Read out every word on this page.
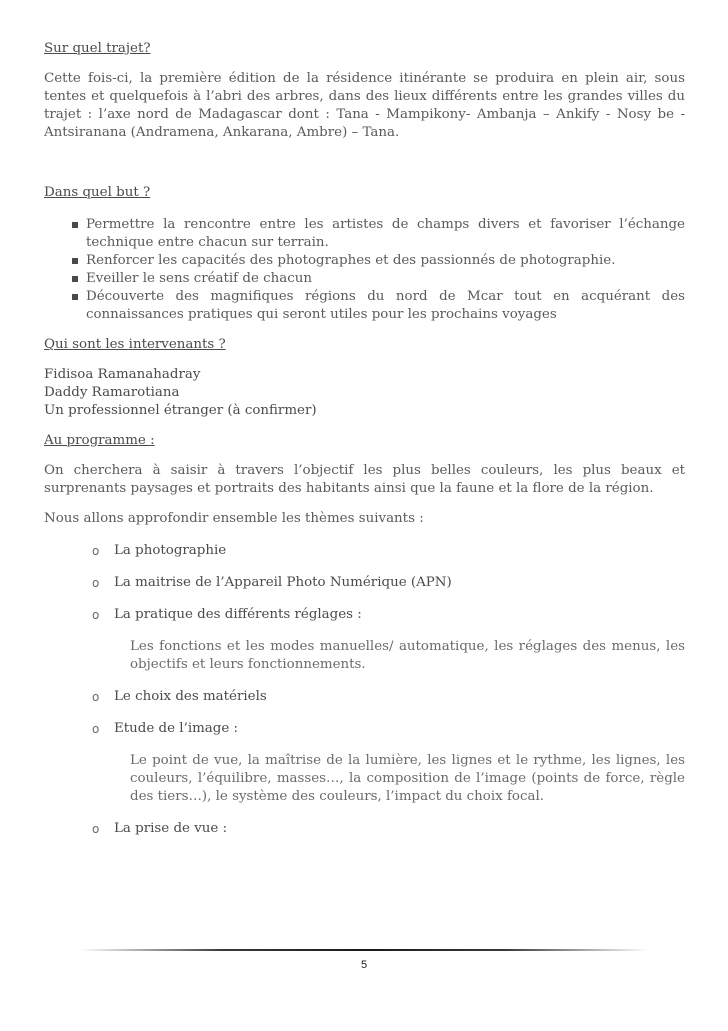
Sur quel trajet?

Cette fois-ci, la première édition de la résidence itinérante se produira en plein air, sous tentes et quelquefois à l’abri des arbres, dans des lieux différents entre les grandes villes du trajet : l’axe nord de Madagascar dont : Tana - Mampikony- Ambanja – Ankify - Nosy be - Antsiranana (Andramena, Ankarana, Ambre) – Tana.

Dans quel but ?

Permettre la rencontre entre les artistes de champs divers et favoriser l’échange technique entre chacun sur terrain.
Renforcer les capacités des photographes et des passionnés de photographie.
Eveiller le sens créatif de chacun
Découverte des magnifiques régions du nord de Mcar tout en acquérant des connaissances pratiques qui seront utiles pour les prochains voyages

Qui sont les intervenants ?

Fidisoa Ramanahadray

Daddy Ramarotiana

Un professionnel étranger (à confirmer)

Au programme :

On cherchera à saisir à travers l’objectif les plus belles couleurs, les plus beaux et surprenants paysages et portraits des habitants ainsi que la faune et la flore de la région.

Nous allons approfondir ensemble les thèmes suivants :

o La photographie
o La maitrise de l’Appareil Photo Numérique (APN)
o La pratique des différents réglages :

Les fonctions et les modes manuelles/ automatique, les réglages des menus, les objectifs et leurs fonctionnements.

o Le choix des matériels
o Etude de l’image :

Le point de vue, la maîtrise de la lumière, les lignes et le rythme, les lignes, les couleurs, l’équilibre, masses…, la composition de l’image (points de force, règle des tiers…), le système des couleurs, l’impact du choix focal.

o La prise de vue :
5
